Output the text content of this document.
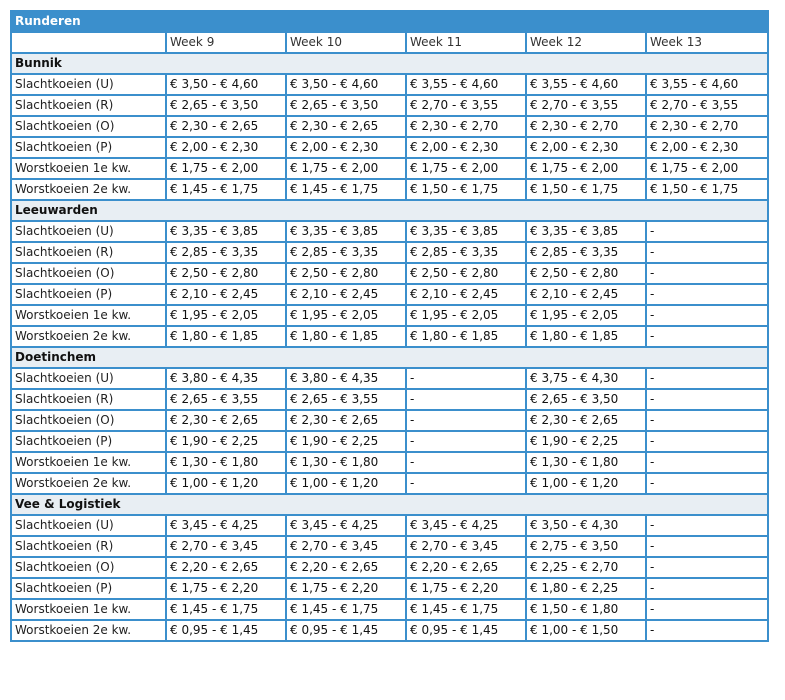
Runderen					
	Week 9	Week 10	Week 11	Week 12	Week 13
Bunnik					
Slachtkoeien (U)	€ 3,50 - € 4,60	€ 3,50 - € 4,60	€ 3,55 - € 4,60	€ 3,55 - € 4,60	€ 3,55 - € 4,60
Slachtkoeien (R)	€ 2,65 - € 3,50	€ 2,65 - € 3,50	€ 2,70 - € 3,55	€ 2,70 - € 3,55	€ 2,70 - € 3,55
Slachtkoeien (O)	€ 2,30 - € 2,65	€ 2,30 - € 2,65	€ 2,30 - € 2,70	€ 2,30 - € 2,70	€ 2,30 - € 2,70
Slachtkoeien (P)	€ 2,00 - € 2,30	€ 2,00 - € 2,30	€ 2,00 - € 2,30	€ 2,00 - € 2,30	€ 2,00 - € 2,30
Worstkoeien 1e kw.	€ 1,75 - € 2,00	€ 1,75 - € 2,00	€ 1,75 - € 2,00	€ 1,75 - € 2,00	€ 1,75 - € 2,00
Worstkoeien 2e kw.	€ 1,45 - € 1,75	€ 1,45 - € 1,75	€ 1,50 - € 1,75	€ 1,50 - € 1,75	€ 1,50 - € 1,75
Leeuwarden					
Slachtkoeien (U)	€ 3,35 - € 3,85	€ 3,35 - € 3,85	€ 3,35 - € 3,85	€ 3,35 - € 3,85	-
Slachtkoeien (R)	€ 2,85 - € 3,35	€ 2,85 - € 3,35	€ 2,85 - € 3,35	€ 2,85 - € 3,35	-
Slachtkoeien (O)	€ 2,50 - € 2,80	€ 2,50 - € 2,80	€ 2,50 - € 2,80	€ 2,50 - € 2,80	-
Slachtkoeien (P)	€ 2,10 - € 2,45	€ 2,10 - € 2,45	€ 2,10 - € 2,45	€ 2,10 - € 2,45	-
Worstkoeien 1e kw.	€ 1,95 - € 2,05	€ 1,95 - € 2,05	€ 1,95 - € 2,05	€ 1,95 - € 2,05	-
Worstkoeien 2e kw.	€ 1,80 - € 1,85	€ 1,80 - € 1,85	€ 1,80 - € 1,85	€ 1,80 - € 1,85	-
Doetinchem					
Slachtkoeien (U)	€ 3,80 - € 4,35	€ 3,80 - € 4,35	-	€ 3,75 - € 4,30	-
Slachtkoeien (R)	€ 2,65 - € 3,55	€ 2,65 - € 3,55	-	€ 2,65 - € 3,50	-
Slachtkoeien (O)	€ 2,30 - € 2,65	€ 2,30 - € 2,65	-	€ 2,30 - € 2,65	-
Slachtkoeien (P)	€ 1,90 - € 2,25	€ 1,90 - € 2,25	-	€ 1,90 - € 2,25	-
Worstkoeien 1e kw.	€ 1,30 - € 1,80	€ 1,30 - € 1,80	-	€ 1,30 - € 1,80	-
Worstkoeien 2e kw.	€ 1,00 - € 1,20	€ 1,00 - € 1,20	-	€ 1,00 - € 1,20	-
Vee & Logistiek					
Slachtkoeien (U)	€ 3,45 - € 4,25	€ 3,45 - € 4,25	€ 3,45 - € 4,25	€ 3,50 - € 4,30	-
Slachtkoeien (R)	€ 2,70 - € 3,45	€ 2,70 - € 3,45	€ 2,70 - € 3,45	€ 2,75 - € 3,50	-
Slachtkoeien (O)	€ 2,20 - € 2,65	€ 2,20 - € 2,65	€ 2,20 - € 2,65	€ 2,25 - € 2,70	-
Slachtkoeien (P)	€ 1,75 - € 2,20	€ 1,75 - € 2,20	€ 1,75 - € 2,20	€ 1,80 - € 2,25	-
Worstkoeien 1e kw.	€ 1,45 - € 1,75	€ 1,45 - € 1,75	€ 1,45 - € 1,75	€ 1,50 - € 1,80	-
Worstkoeien 2e kw.	€ 0,95 - € 1,45	€ 0,95 - € 1,45	€ 0,95 - € 1,45	€ 1,00 - € 1,50	-
